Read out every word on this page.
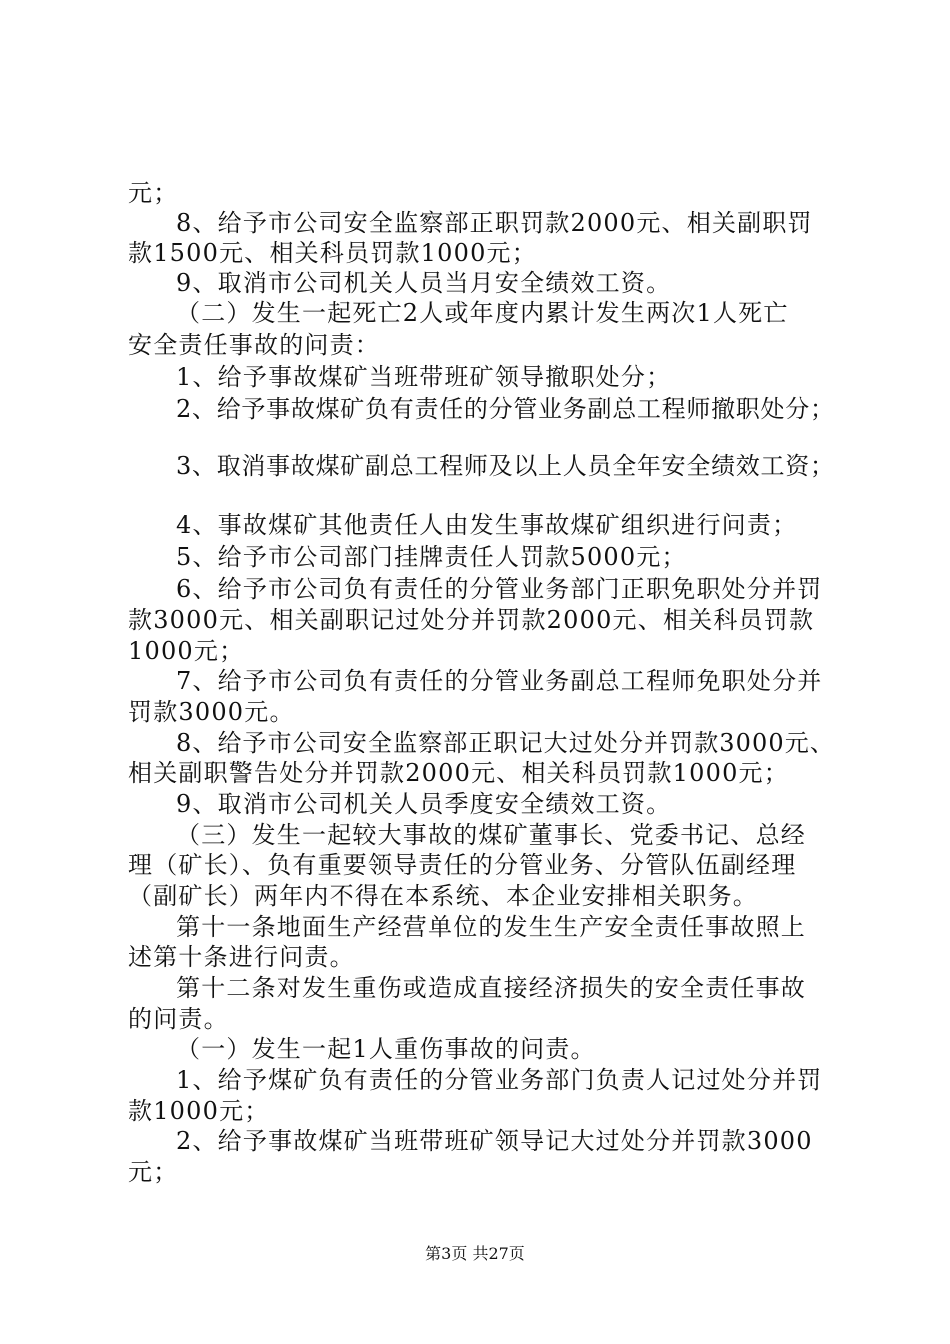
元；
8、给予市公司安全监察部正职罚款2000元、相关副职罚
款1500元、相关科员罚款1000元；
9、取消市公司机关人员当月安全绩效工资。
（二）发生一起死亡2人或年度内累计发生两次1人死亡
安全责任事故的问责：
1、给予事故煤矿当班带班矿领导撤职处分；
2、给予事故煤矿负有责任的分管业务副总工程师撤职处分；
3、取消事故煤矿副总工程师及以上人员全年安全绩效工资；
4、事故煤矿其他责任人由发生事故煤矿组织进行问责；
5、给予市公司部门挂牌责任人罚款5000元；
6、给予市公司负有责任的分管业务部门正职免职处分并罚
款3000元、相关副职记过处分并罚款2000元、相关科员罚款
1000元；
7、给予市公司负有责任的分管业务副总工程师免职处分并
罚款3000元。
8、给予市公司安全监察部正职记大过处分并罚款3000元、
相关副职警告处分并罚款2000元、相关科员罚款1000元；
9、取消市公司机关人员季度安全绩效工资。
（三）发生一起较大事故的煤矿董事长、党委书记、总经
理（矿长）、负有重要领导责任的分管业务、分管队伍副经理
（副矿长）两年内不得在本系统、本企业安排相关职务。
第十一条地面生产经营单位的发生生产安全责任事故照上
述第十条进行问责。
第十二条对发生重伤或造成直接经济损失的安全责任事故
的问责。
（一）发生一起1人重伤事故的问责。
1、给予煤矿负有责任的分管业务部门负责人记过处分并罚
款1000元；
2、给予事故煤矿当班带班矿领导记大过处分并罚款3000
元；
第3页 共27页
